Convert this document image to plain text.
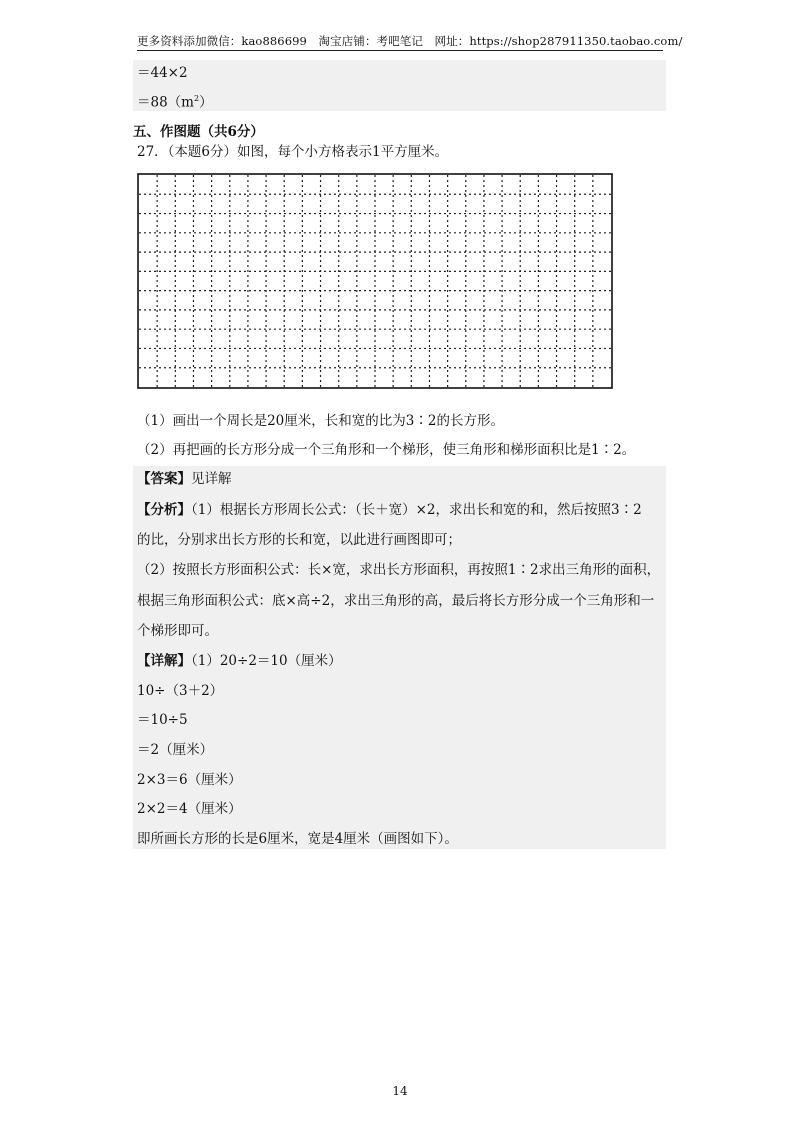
更多资料添加微信：kao886699　淘宝店铺：考吧笔记　网址：https://shop287911350.taobao.com/
＝44×2
$=88(m^2)$
五、作图题（共6分）
27．（本题6分）如图，每个小方格表示1平方厘米。
（1）画出一个周长是20厘米，长和宽的比为3∶2的长方形。
（2）再把画的长方形分成一个三角形和一个梯形，使三角形和梯形面积比是1∶2。
【答案】见详解
【分析】（1）根据长方形周长公式：（长＋宽）×2，求出长和宽的和，然后按照3∶2
的比，分别求出长方形的长和宽，以此进行画图即可；
（2）按照长方形面积公式：长×宽，求出长方形面积，再按照1∶2求出三角形的面积，
根据三角形面积公式：底×高÷2，求出三角形的高，最后将长方形分成一个三角形和一
个梯形即可。
【详解】（1）20÷2＝10（厘米）
10÷（3＋2）
＝10÷5
＝2（厘米）
2×3＝6（厘米）
2×2＝4（厘米）
即所画长方形的长是6厘米，宽是4厘米（画图如下）。
14
